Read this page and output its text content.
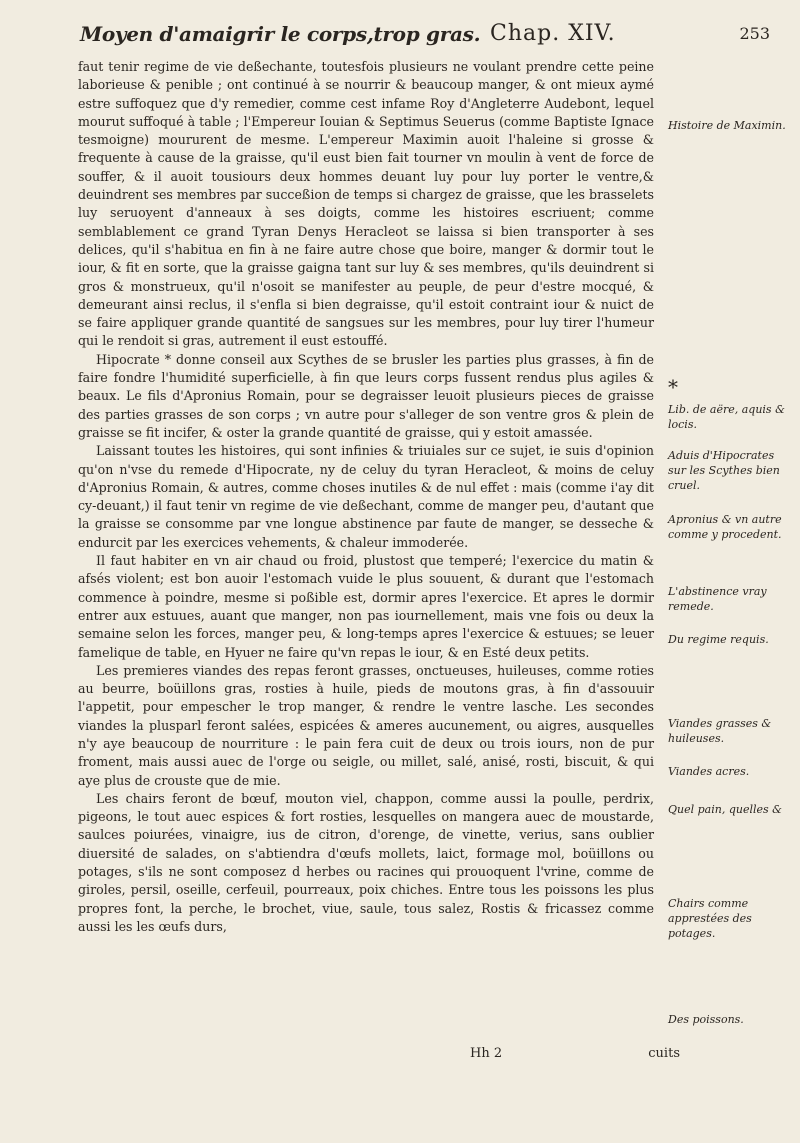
Moyen d'amaigrir le corps,trop gras. Chap. XIV.	253

faut tenir regime de vie deßechante, toutesfois plusieurs ne voulant prendre cette peine laborieuse & penible ; ont continué à se nourrir & beaucoup manger, & ont mieux aymé estre suffoquez que d'y remedier, comme cest infame Roy d'Angleterre Audebont, lequel mourut suffoqué à table ; l'Empereur Iouian & Septimus Seuerus (comme Baptiste Ignace tesmoigne) moururent de mesme. L'empereur Maximin auoit l'haleine si grosse & frequente à cause de la graisse, qu'il eust bien fait tourner vn moulin à vent de force de souffer, & il auoit tousiours deux hommes deuant luy pour luy porter le ventre,& deuindrent ses membres par succeßion de temps si chargez de graisse, que les brasselets luy seruoyent d'anneaux à ses doigts, comme les histoires escriuent; comme semblablement ce grand Tyran Denys Heracleot se laissa si bien transporter à ses delices, qu'il s'habitua en fin à ne faire autre chose que boire, manger & dormir tout le iour, & fit en sorte, que la graisse gaigna tant sur luy & ses membres, qu'ils deuindrent si gros & monstrueux, qu'il n'osoit se manifester au peuple, de peur d'estre mocqué, & demeurant ainsi reclus, il s'enfla si bien degraisse, qu'il estoit contraint iour & nuict de se faire appliquer grande quantité de sangsues sur les membres, pour luy tirer l'humeur qui le rendoit si gras, autrement il eust estouffé.

Hipocrate * donne conseil aux Scythes de se brusler les parties plus grasses, à fin de faire fondre l'humidité superficielle, à fin que leurs corps fussent rendus plus agiles & beaux. Le fils d'Apronius Romain, pour se degraisser leuoit plusieurs pieces de graisse des parties grasses de son corps ; vn autre pour s'alleger de son ventre gros & plein de graisse se fit incifer, & oster la grande quantité de graisse, qui y estoit amassée.

Laissant toutes les histoires, qui sont infinies & triuiales sur ce sujet, ie suis d'opinion qu'on n'vse du remede d'Hipocrate, ny de celuy du tyran Heracleot, & moins de celuy d'Apronius Romain, & autres, comme choses inutiles & de nul effet : mais (comme i'ay dit cy-deuant,) il faut tenir vn regime de vie deßechant, comme de manger peu, d'autant que la graisse se consomme par vne longue abstinence par faute de manger, se desseche & endurcit par les exercices vehements, & chaleur immoderée.

Il faut habiter en vn air chaud ou froid, plustost que temperé; l'exercice du matin & afsés violent; est bon auoir l'estomach vuide le plus souuent, & durant que l'estomach commence à poindre, mesme si poßible est, dormir apres l'exercice. Et apres le dormir entrer aux estuues, auant que manger, non pas iournellement, mais vne fois ou deux la semaine selon les forces, manger peu, & long-temps apres l'exercice & estuues; se leuer famelique de table, en Hyuer ne faire qu'vn repas le iour, & en Esté deux petits.

Les premieres viandes des repas feront grasses, onctueuses, huileuses, comme roties au beurre, boüillons gras, rosties à huile, pieds de moutons gras, à fin d'assouuir l'appetit, pour empescher le trop manger, & rendre le ventre lasche. Les secondes viandes la plusparl feront salées, espicées & ameres aucunement, ou aigres, ausquelles n'y aye beaucoup de nourriture : le pain fera cuit de deux ou trois iours, non de pur froment, mais aussi auec de l'orge ou seigle, ou millet, salé, anisé, rosti, biscuit, & qui aye plus de crouste que de mie.

Les chairs feront de bœuf, mouton viel, chappon, comme aussi la poulle, perdrix, pigeons, le tout auec espices & fort rosties, lesquelles on mangera auec de moustarde, saulces poiurées, vinaigre, ius de citron, d'orenge, de vinette, verius, sans oublier diuersité de salades, on s'abtiendra d'œufs mollets, laict, formage mol, boüillons ou potages, s'ils ne sont composez d herbes ou racines qui prouoquent l'vrine, comme de giroles, persil, oseille, cerfeuil, pourreaux, poix chiches. Entre tous les poissons les plus propres font, la perche, le brochet, viue, saule, tous salez, Rostis & fricassez comme aussi les les œufs durs,

Hh 2	cuits
Histoire de Maximin.
*
Lib. de aëre, aquis & locis.
Aduis d'Hipocrates sur les Scythes bien cruel.
Apronius & vn autre comme y procedent.
L'abstinence vray remede.
Du regime requis.
Viandes grasses & huileuses.
Viandes acres.
Quel pain, quelles &
Chairs comme apprestées des potages.
Des poissons.
